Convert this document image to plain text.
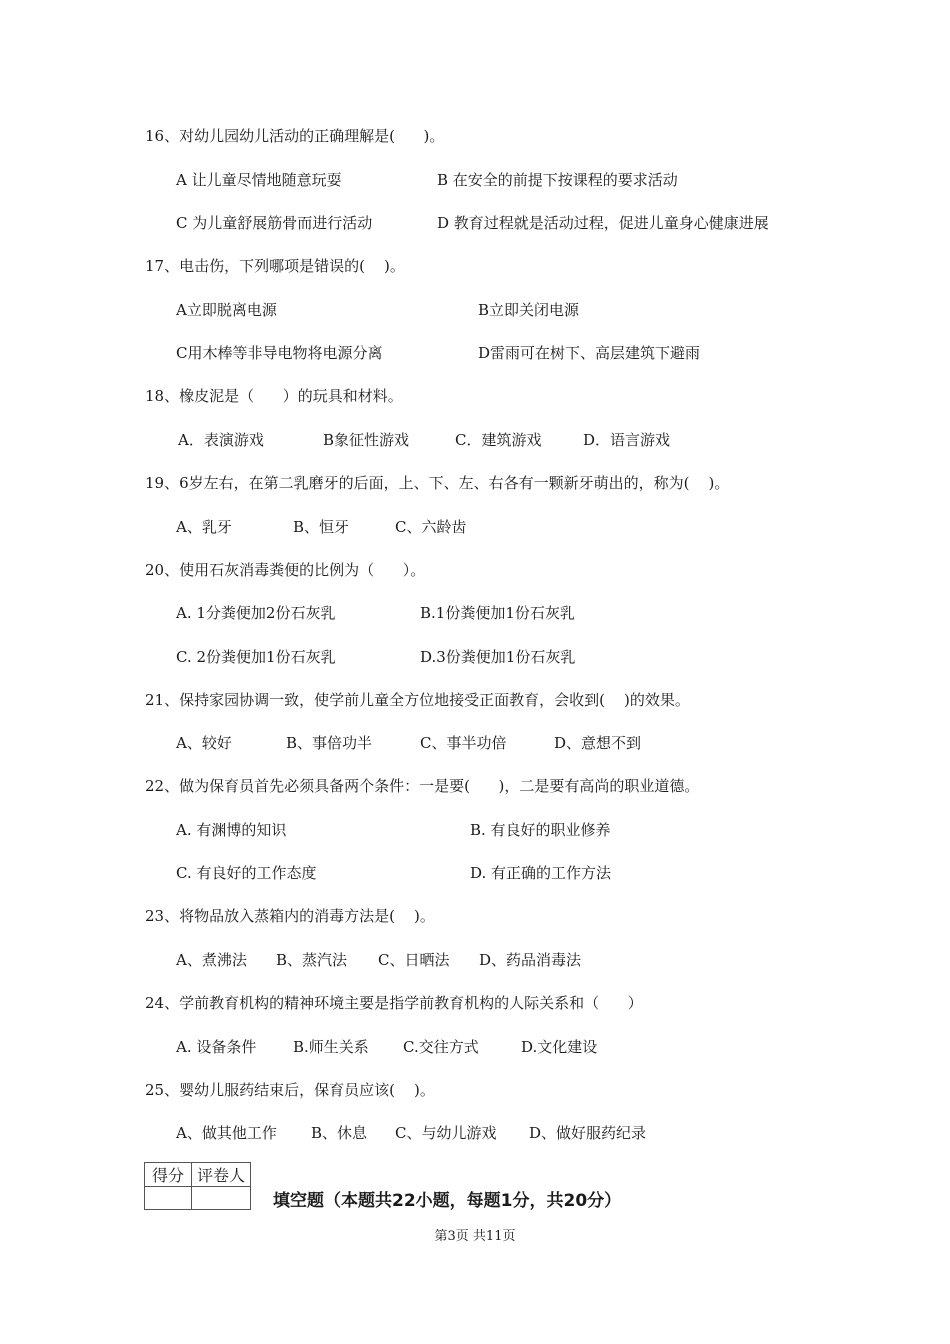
16、对幼儿园幼儿活动的正确理解是(      )。
A 让儿童尽情地随意玩耍	B 在安全的前提下按课程的要求活动
C 为儿童舒展筋骨而进行活动	D 教育过程就是活动过程，促进儿童身心健康进展
17、电击伤，下列哪项是错误的(    )。
A立即脱离电源	B立即关闭电源
C用木棒等非导电物将电源分离	D雷雨可在树下、高层建筑下避雨
18、橡皮泥是（      ）的玩具和材料。
A．表演游戏	B象征性游戏	C．建筑游戏	D．语言游戏
19、6岁左右，在第二乳磨牙的后面，上、下、左、右各有一颗新牙萌出的，称为(    )。
A、乳牙	B、恒牙	C、六龄齿
20、使用石灰消毒粪便的比例为（      ）。
A. 1分粪便加2份石灰乳	B.1份粪便加1份石灰乳
C. 2份粪便加1份石灰乳	D.3份粪便加1份石灰乳
21、保持家园协调一致，使学前儿童全方位地接受正面教育，会收到(    )的效果。
A、较好	B、事倍功半	C、事半功倍	D、意想不到
22、做为保育员首先必须具备两个条件：一是要(      )，二是要有高尚的职业道德。
A. 有渊博的知识	B. 有良好的职业修养
C. 有良好的工作态度	D. 有正确的工作方法
23、将物品放入蒸箱内的消毒方法是(    )。
A、煮沸法 B、蒸汽法 C、日晒法 D、药品消毒法
24、学前教育机构的精神环境主要是指学前教育机构的人际关系和（      ）
A. 设备条件 B.师生关系 C.交往方式	D.文化建设
25、婴幼儿服药结束后，保育员应该(    )。
A、做其他工作 B、休息 C、与幼儿游戏 D、做好服药纪录
得分	评卷人

填空题（本题共22小题，每题1分，共20分）
第3页 共11页
